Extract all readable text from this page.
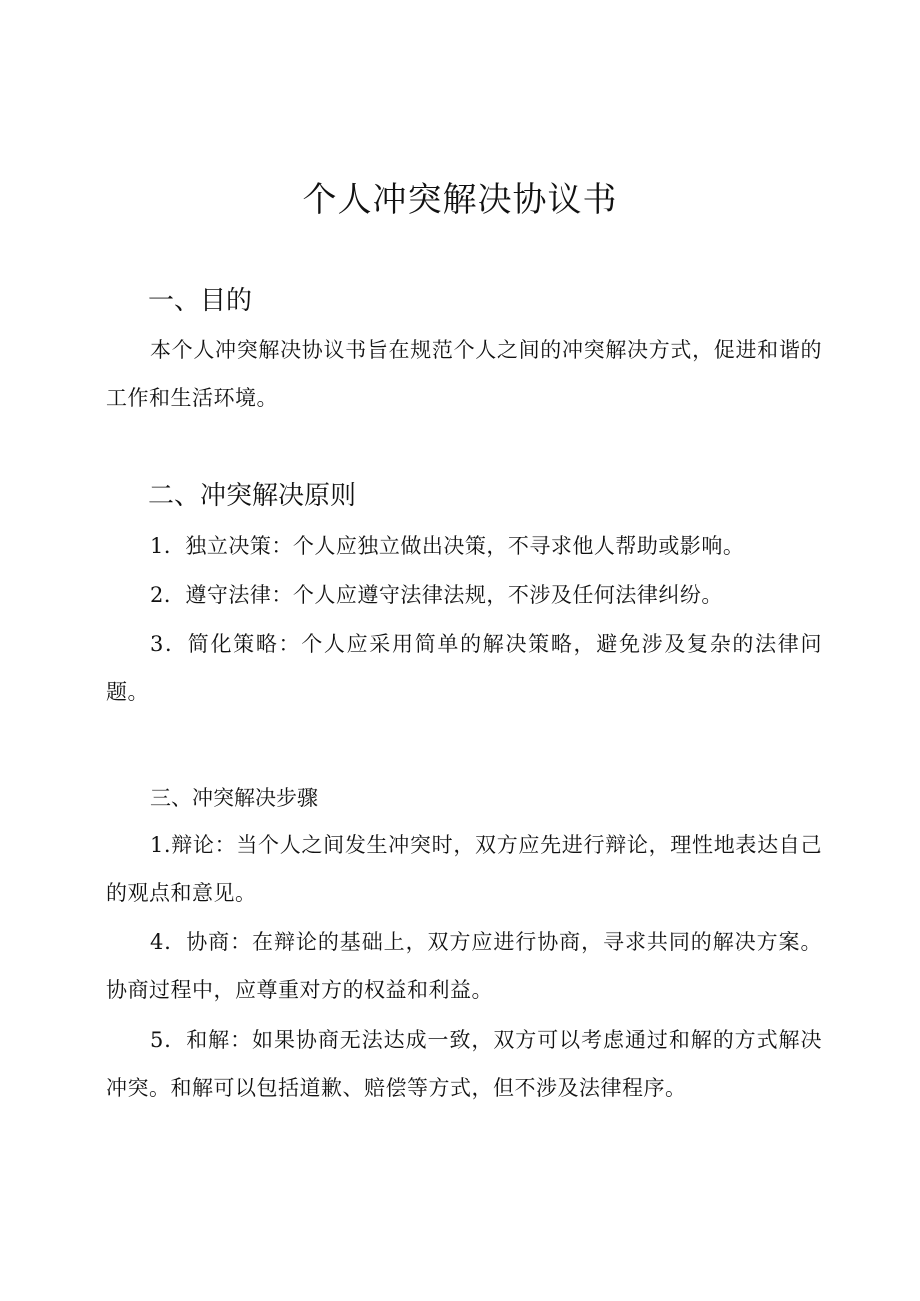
个人冲突解决协议书
一、目的

本个人冲突解决协议书旨在规范个人之间的冲突解决方式，促进和谐的工作和生活环境。

二、冲突解决原则

1．独立决策：个人应独立做出决策，不寻求他人帮助或影响。

2．遵守法律：个人应遵守法律法规，不涉及任何法律纠纷。

3．简化策略：个人应采用简单的解决策略，避免涉及复杂的法律问题。

三、冲突解决步骤

1.辩论：当个人之间发生冲突时，双方应先进行辩论，理性地表达自己的观点和意见。

4．协商：在辩论的基础上，双方应进行协商，寻求共同的解决方案。协商过程中，应尊重对方的权益和利益。

5．和解：如果协商无法达成一致，双方可以考虑通过和解的方式解决冲突。和解可以包括道歉、赔偿等方式，但不涉及法律程序。
